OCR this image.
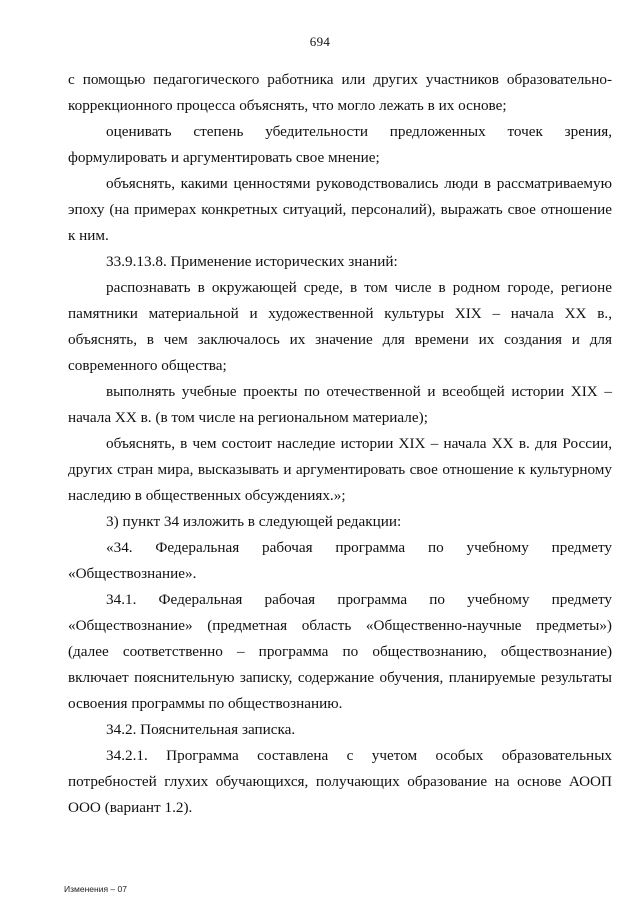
694

с помощью педагогического работника или других участников образовательно-коррекционного процесса объяснять, что могло лежать в их основе;

оценивать степень убедительности предложенных точек зрения, формулировать и аргументировать свое мнение;

объяснять, какими ценностями руководствовались люди в рассматриваемую эпоху (на примерах конкретных ситуаций, персоналий), выражать свое отношение к ним.

33.9.13.8. Применение исторических знаний:

распознавать в окружающей среде, в том числе в родном городе, регионе памятники материальной и художественной культуры XIX – начала XX в., объяснять, в чем заключалось их значение для времени их создания и для современного общества;

выполнять учебные проекты по отечественной и всеобщей истории XIX – начала XX в. (в том числе на региональном материале);

объяснять, в чем состоит наследие истории XIX – начала XX в. для России, других стран мира, высказывать и аргументировать свое отношение к культурному наследию в общественных обсуждениях.»;

3) пункт 34 изложить в следующей редакции:

«34. Федеральная рабочая программа по учебному предмету «Обществознание».

34.1. Федеральная рабочая программа по учебному предмету «Обществознание» (предметная область «Общественно-научные предметы») (далее соответственно – программа по обществознанию, обществознание) включает пояснительную записку, содержание обучения, планируемые результаты освоения программы по обществознанию.

34.2. Пояснительная записка.

34.2.1. Программа составлена с учетом особых образовательных потребностей глухих обучающихся, получающих образование на основе АООП ООО (вариант 1.2).

Изменения – 07
